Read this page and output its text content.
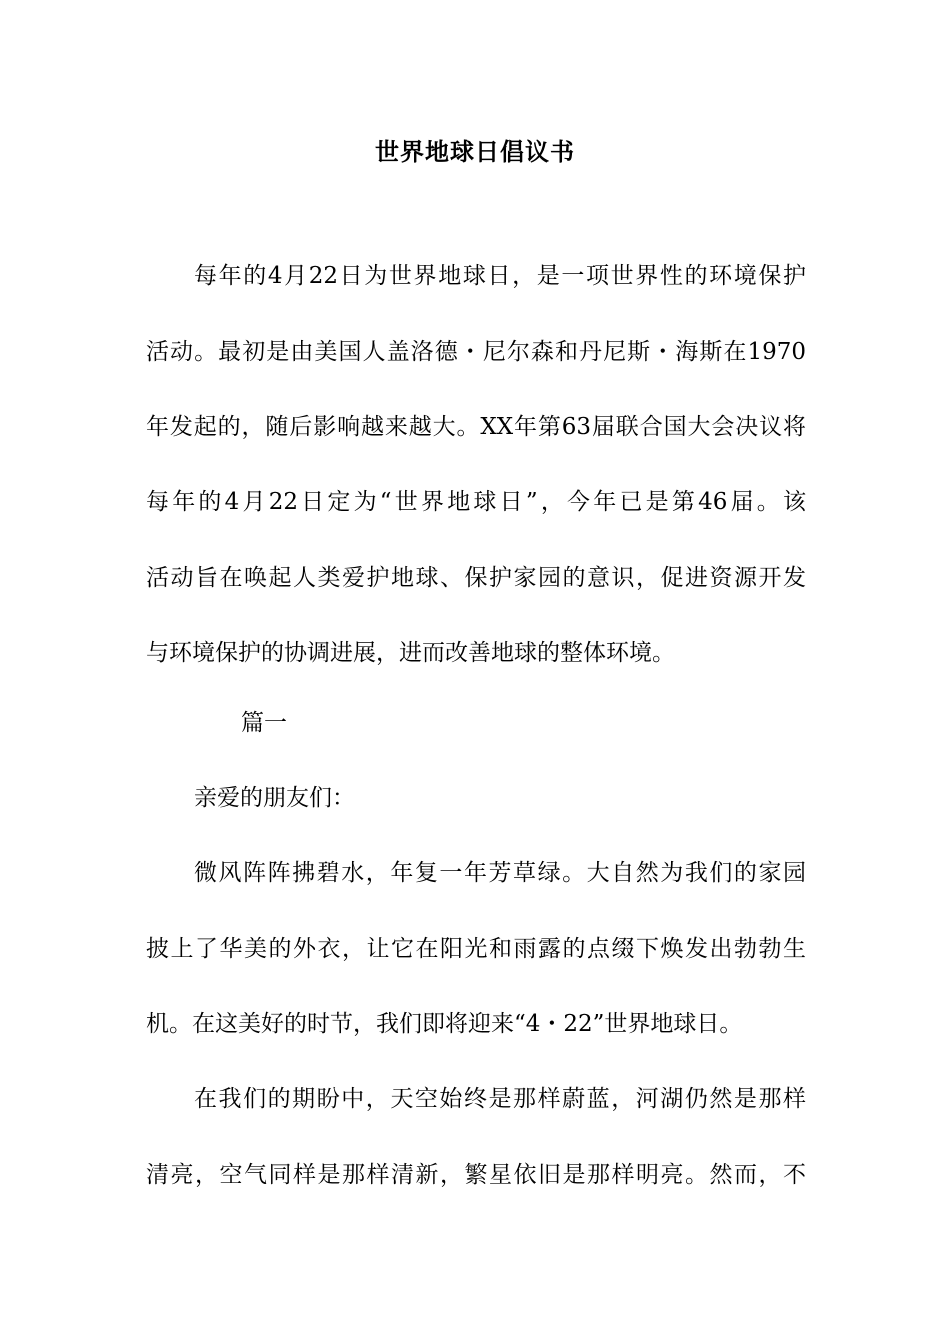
世界地球日倡议书

每年的4月22日为世界地球日，是一项世界性的环境保护

活动。最初是由美国人盖洛德・尼尔森和丹尼斯・海斯在1970

年发起的，随后影响越来越大。XX年第63届联合国大会决议将

每年的4月22日定为“世界地球日”，今年已是第46届。该

活动旨在唤起人类爱护地球、保护家园的意识，促进资源开发

与环境保护的协调进展，进而改善地球的整体环境。

篇一

亲爱的朋友们：

微风阵阵拂碧水，年复一年芳草绿。大自然为我们的家园

披上了华美的外衣，让它在阳光和雨露的点缀下焕发出勃勃生

机。在这美好的时节，我们即将迎来“4・22”世界地球日。

在我们的期盼中，天空始终是那样蔚蓝，河湖仍然是那样

清亮，空气同样是那样清新，繁星依旧是那样明亮。然而，不
